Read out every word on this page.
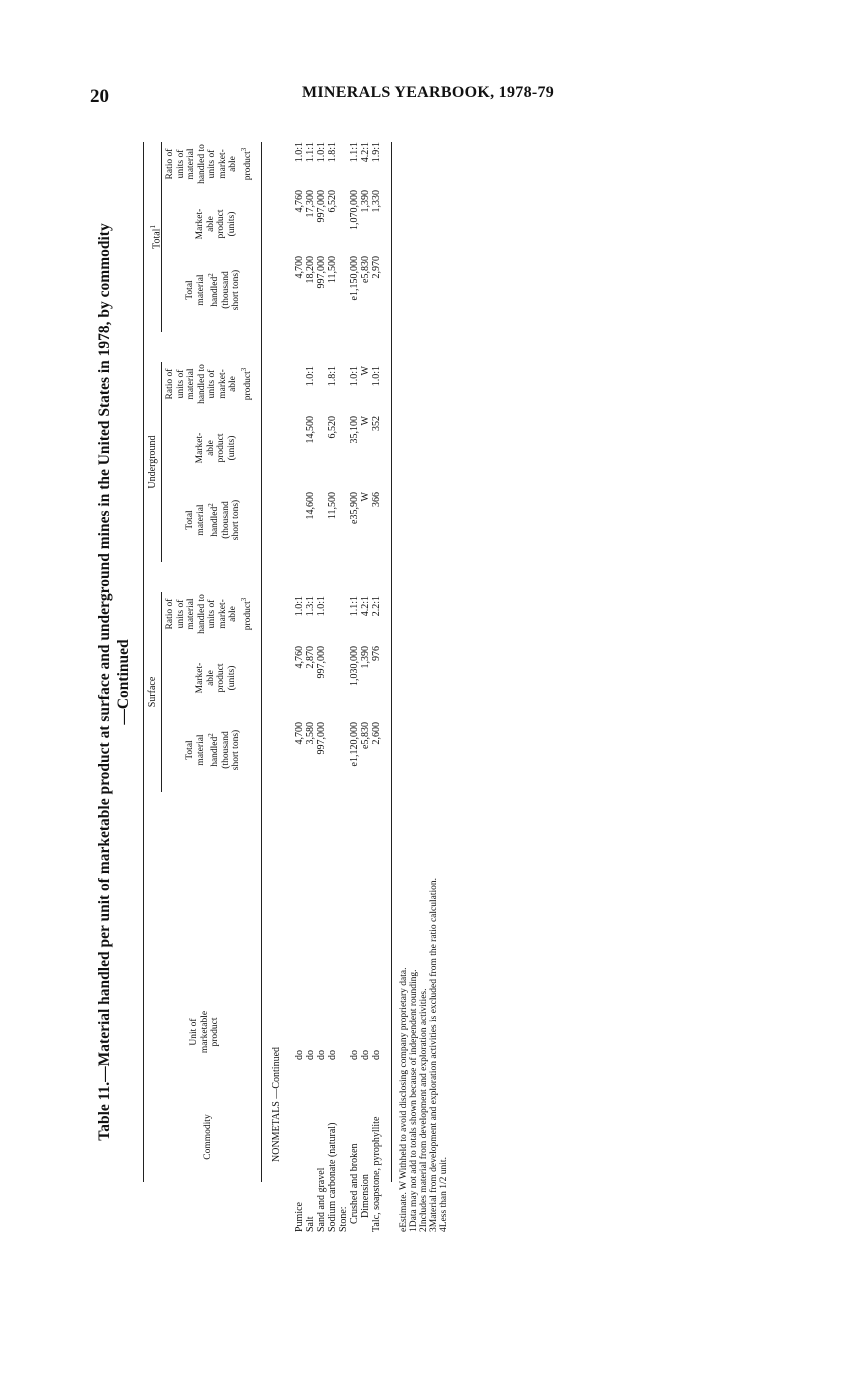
20	MINERALS YEARBOOK, 1978-79
Table 11.—Material handled per unit of marketable product at surface and underground mines in the United States in 1978, by commodity —Continued Surface
Underground
Total$^1$
Commodity
Unit of marketable product
Total material handled$^2$ (thousand short tons)
Market- able product (units)
Ratio of units of material handled to units of market- able product$^3$
Total material handled$^2$ (thousand short tons)
Market- able product (units)
Ratio of units of material handled to units of market- able product$^3$
Total material handled$^2$ (thousand short tons)
Market- able product (units)
Ratio of units of material handled to units of market- able product$^3$
NONMETALS —Continued
Pumice
do
4,700
4,760
1.0:1
4,700
4,760
1.0:1
Salt
do
3,580
2,870
1.3:1
14,600
14,500
1.0:1
18,200
17,300
1.1:1
Sand and gravel
do
997,000
997,000
1.0:1
997,000
997,000
1.0:1
Sodium carbonate (natural)
do
11,500
6,520
1.8:1
11,500
6,520
1.8:1
Stone: Crushed and broken
do
e1,120,000
1,030,000
1.1:1
e35,900
35,100
1.0:1
e1,150,000
1,070,000
1.1:1
Dimension
do
e5,830
1,390
4.2:1
W
W
W
e5,830
1,390
4.2:1
Talc, soapstone, pyrophyllite
do
2,600
976
2.2:1
366
352
1.0:1
2,970
1,330
1.9:1
eEstimate. W Withheld to avoid disclosing company proprietary data. 1Data may not add to totals shown because of independent rounding. 2Includes material from development and exploration activities. 3Material from development and exploration activities is excluded from the ratio calculation. 4Less than 1/2 unit.
